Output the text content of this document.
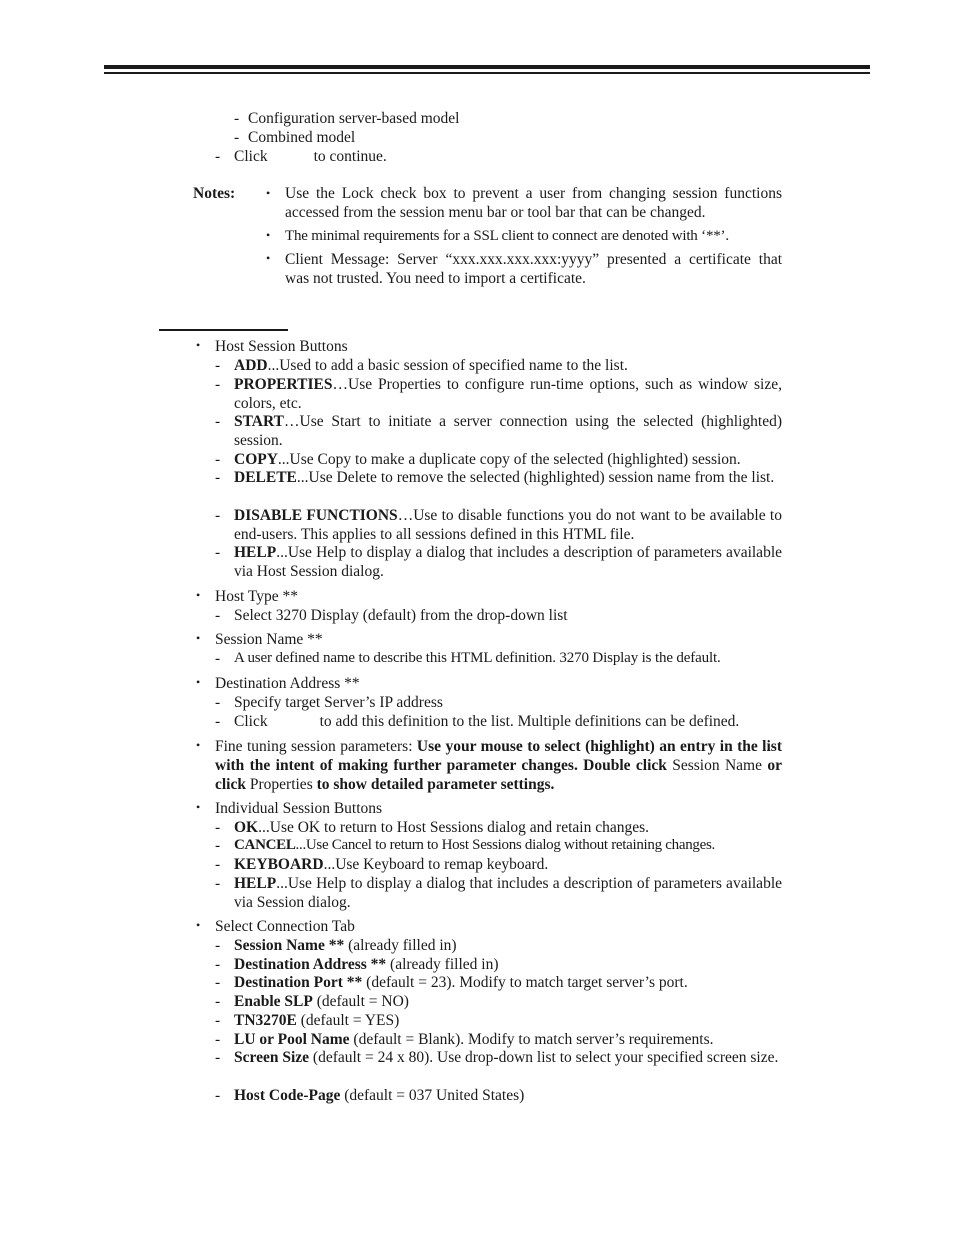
- Configuration server-based model
- Combined model
- Click	to continue.
Notes:	• Use the Lock check box to prevent a user from changing session functions accessed from the session menu bar or tool bar that can be changed.
• The minimal requirements for a SSL client to connect are denoted with ‘**’.
• Client Message: Server “xxx.xxx.xxx.xxx:yyyy” presented a certificate that was not trusted. You need to import a certificate.
• Host Session Buttons
- ADD...Used to add a basic session of specified name to the list.
- PROPERTIES…Use Properties to configure run-time options, such as window size, colors, etc.
- START…Use Start to initiate a server connection using the selected (highlighted) session.
- COPY...Use Copy to make a duplicate copy of the selected (highlighted) session.
- DELETE...Use Delete to remove the selected (highlighted) session name from the list.
- DISABLE FUNCTIONS…Use to disable functions you do not want to be available to end-users. This applies to all sessions defined in this HTML file.
- HELP...Use Help to display a dialog that includes a description of parameters available via Host Session dialog.
• Host Type **
- Select 3270 Display (default) from the drop-down list
• Session Name **
- A user defined name to describe this HTML definition. 3270 Display is the default.
• Destination Address **
- Specify target Server’s IP address
- Click	to add this definition to the list. Multiple definitions can be defined.
• Fine tuning session parameters: Use your mouse to select (highlight) an entry in the list with the intent of making further parameter changes. Double click Session Name or click Properties to show detailed parameter settings.
• Individual Session Buttons
- OK...Use OK to return to Host Sessions dialog and retain changes.
- CANCEL...Use Cancel to return to Host Sessions dialog without retaining changes.
- KEYBOARD...Use Keyboard to remap keyboard.
- HELP...Use Help to display a dialog that includes a description of parameters available via Session dialog.
• Select Connection Tab
- Session Name ** (already filled in)
- Destination Address ** (already filled in)
- Destination Port ** (default = 23). Modify to match target server’s port.
- Enable SLP (default = NO)
- TN3270E (default = YES)
- LU or Pool Name (default = Blank). Modify to match server’s requirements.
- Screen Size (default = 24 x 80). Use drop-down list to select your specified screen size.
- Host Code-Page (default = 037 United States)
